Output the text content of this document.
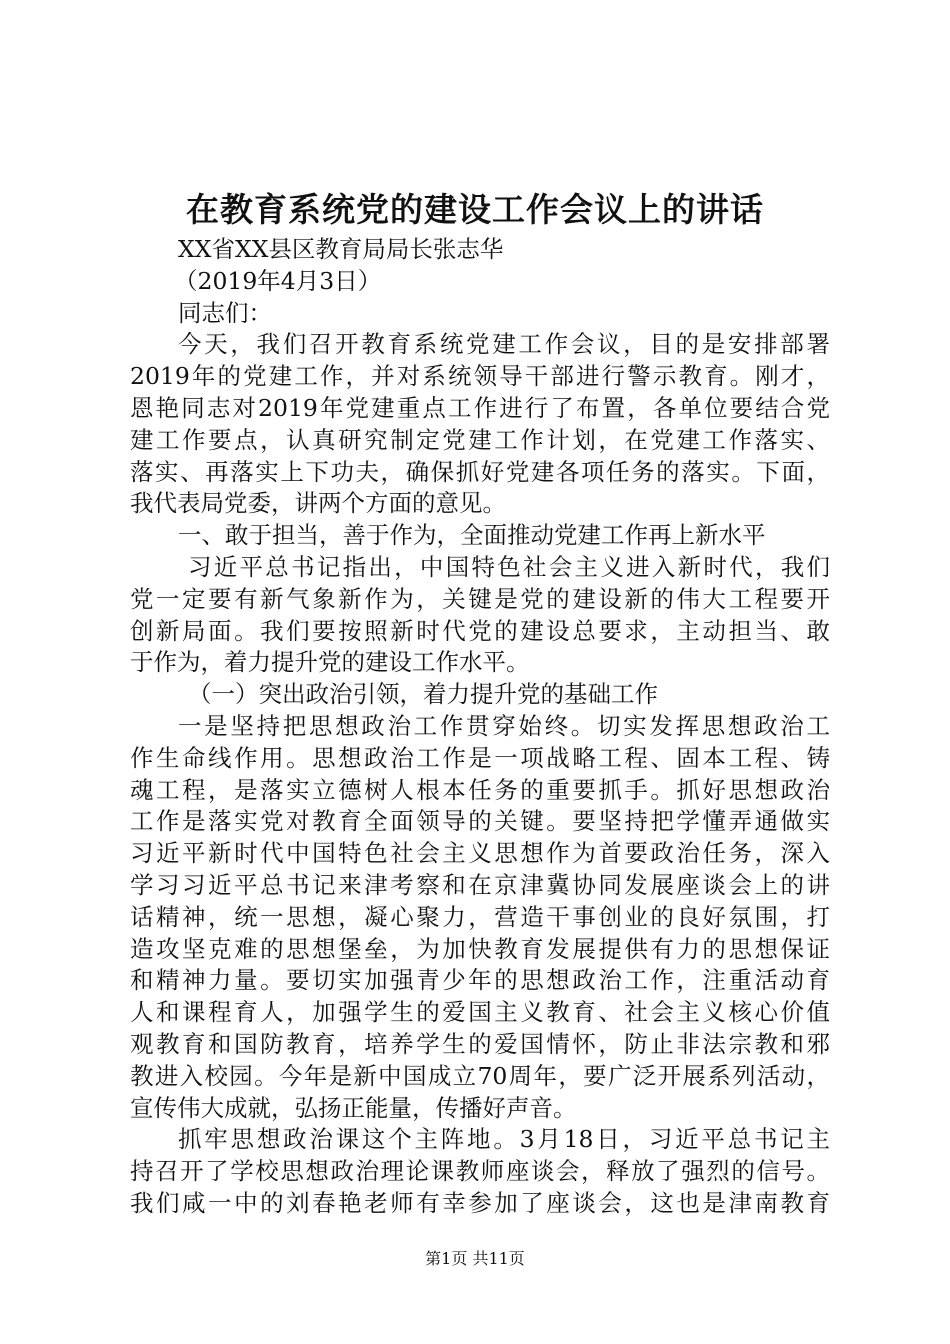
在教育系统党的建设工作会议上的讲话
XX省XX县区教育局局长张志华
（2019年4月3日）
同志们：
今天，我们召开教育系统党建工作会议，目的是安排部署
2019年的党建工作，并对系统领导干部进行警示教育。刚才，
恩艳同志对2019年党建重点工作进行了布置，各单位要结合党
建工作要点，认真研究制定党建工作计划，在党建工作落实、
落实、再落实上下功夫，确保抓好党建各项任务的落实。下面，
我代表局党委，讲两个方面的意见。
一、敢于担当，善于作为，全面推动党建工作再上新水平
习近平总书记指出，中国特色社会主义进入新时代，我们
党一定要有新气象新作为，关键是党的建设新的伟大工程要开
创新局面。我们要按照新时代党的建设总要求，主动担当、敢
于作为，着力提升党的建设工作水平。
（一）突出政治引领，着力提升党的基础工作
一是坚持把思想政治工作贯穿始终。切实发挥思想政治工
作生命线作用。思想政治工作是一项战略工程、固本工程、铸
魂工程，是落实立德树人根本任务的重要抓手。抓好思想政治
工作是落实党对教育全面领导的关键。要坚持把学懂弄通做实
习近平新时代中国特色社会主义思想作为首要政治任务，深入
学习习近平总书记来津考察和在京津冀协同发展座谈会上的讲
话精神，统一思想，凝心聚力，营造干事创业的良好氛围，打
造攻坚克难的思想堡垒，为加快教育发展提供有力的思想保证
和精神力量。要切实加强青少年的思想政治工作，注重活动育
人和课程育人，加强学生的爱国主义教育、社会主义核心价值
观教育和国防教育，培养学生的爱国情怀，防止非法宗教和邪
教进入校园。今年是新中国成立70周年，要广泛开展系列活动，
宣传伟大成就，弘扬正能量，传播好声音。
抓牢思想政治课这个主阵地。3月18日，习近平总书记主
持召开了学校思想政治理论课教师座谈会，释放了强烈的信号。
我们咸一中的刘春艳老师有幸参加了座谈会，这也是津南教育
第1页 共11页
